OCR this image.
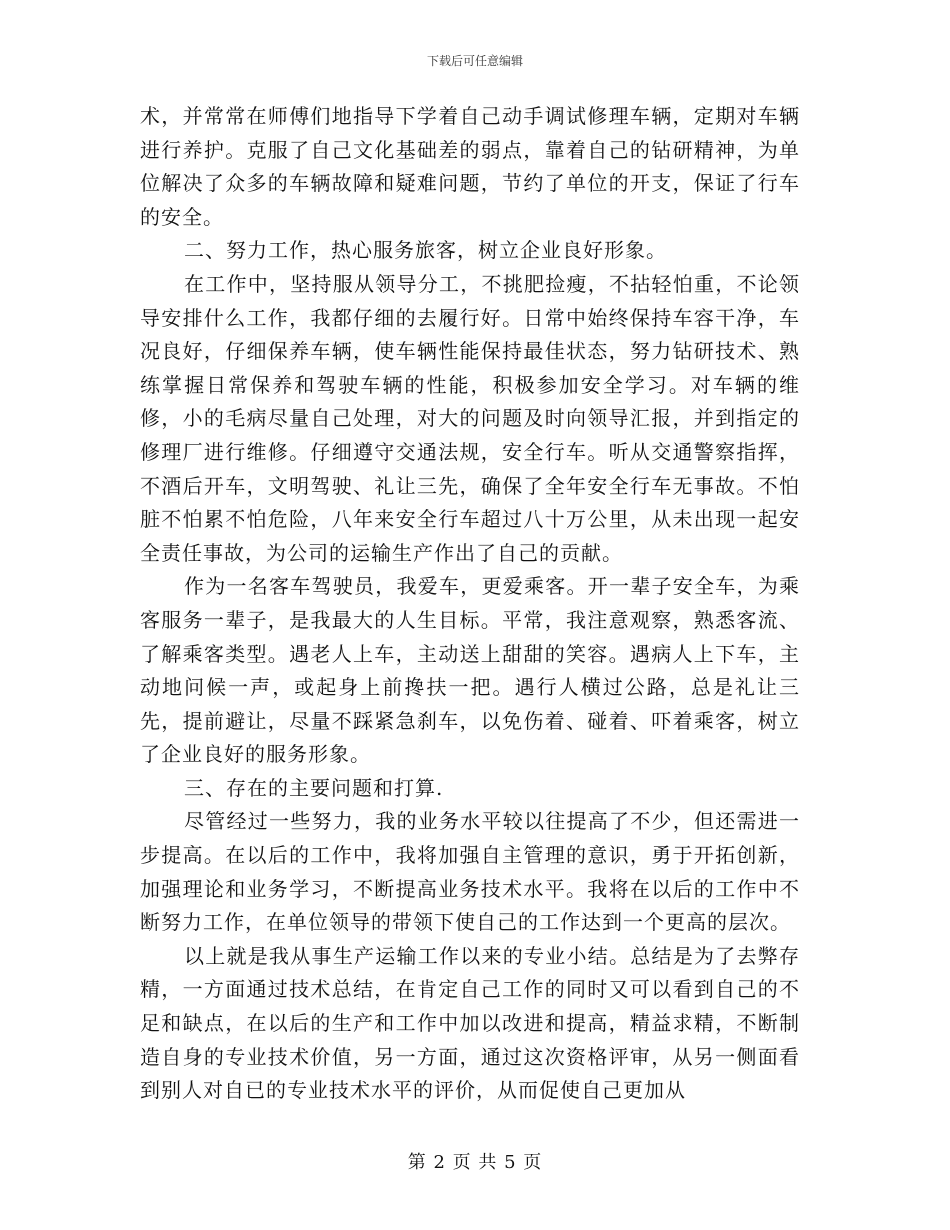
下载后可任意编辑

术，并常常在师傅们地指导下学着自己动手调试修理车辆，定期对车辆进行养护。克服了自己文化基础差的弱点，靠着自己的钻研精神，为单位解决了众多的车辆故障和疑难问题，节约了单位的开支，保证了行车的安全。

二、努力工作，热心服务旅客，树立企业良好形象。

在工作中，坚持服从领导分工，不挑肥捡瘦，不拈轻怕重，不论领导安排什么工作，我都仔细的去履行好。日常中始终保持车容干净，车况良好，仔细保养车辆，使车辆性能保持最佳状态，努力钻研技术、熟练掌握日常保养和驾驶车辆的性能，积极参加安全学习。对车辆的维修，小的毛病尽量自己处理，对大的问题及时向领导汇报，并到指定的修理厂进行维修。仔细遵守交通法规，安全行车。听从交通警察指挥，不酒后开车，文明驾驶、礼让三先，确保了全年安全行车无事故。不怕脏不怕累不怕危险，八年来安全行车超过八十万公里，从未出现一起安全责任事故，为公司的运输生产作出了自己的贡献。

作为一名客车驾驶员，我爱车，更爱乘客。开一辈子安全车，为乘客服务一辈子，是我最大的人生目标。平常，我注意观察，熟悉客流、了解乘客类型。遇老人上车，主动送上甜甜的笑容。遇病人上下车，主动地问候一声，或起身上前搀扶一把。遇行人横过公路，总是礼让三先，提前避让，尽量不踩紧急刹车，以免伤着、碰着、吓着乘客，树立了企业良好的服务形象。

三、存在的主要问题和打算.

尽管经过一些努力，我的业务水平较以往提高了不少，但还需进一步提高。在以后的工作中，我将加强自主管理的意识，勇于开拓创新，加强理论和业务学习，不断提高业务技术水平。我将在以后的工作中不断努力工作，在单位领导的带领下使自己的工作达到一个更高的层次。

以上就是我从事生产运输工作以来的专业小结。总结是为了去弊存精，一方面通过技术总结，在肯定自己工作的同时又可以看到自己的不足和缺点，在以后的生产和工作中加以改进和提高，精益求精，不断制造自身的专业技术价值，另一方面，通过这次资格评审，从另一侧面看到别人对自已的专业技术水平的评价，从而促使自己更加从

第 2 页 共 5 页
